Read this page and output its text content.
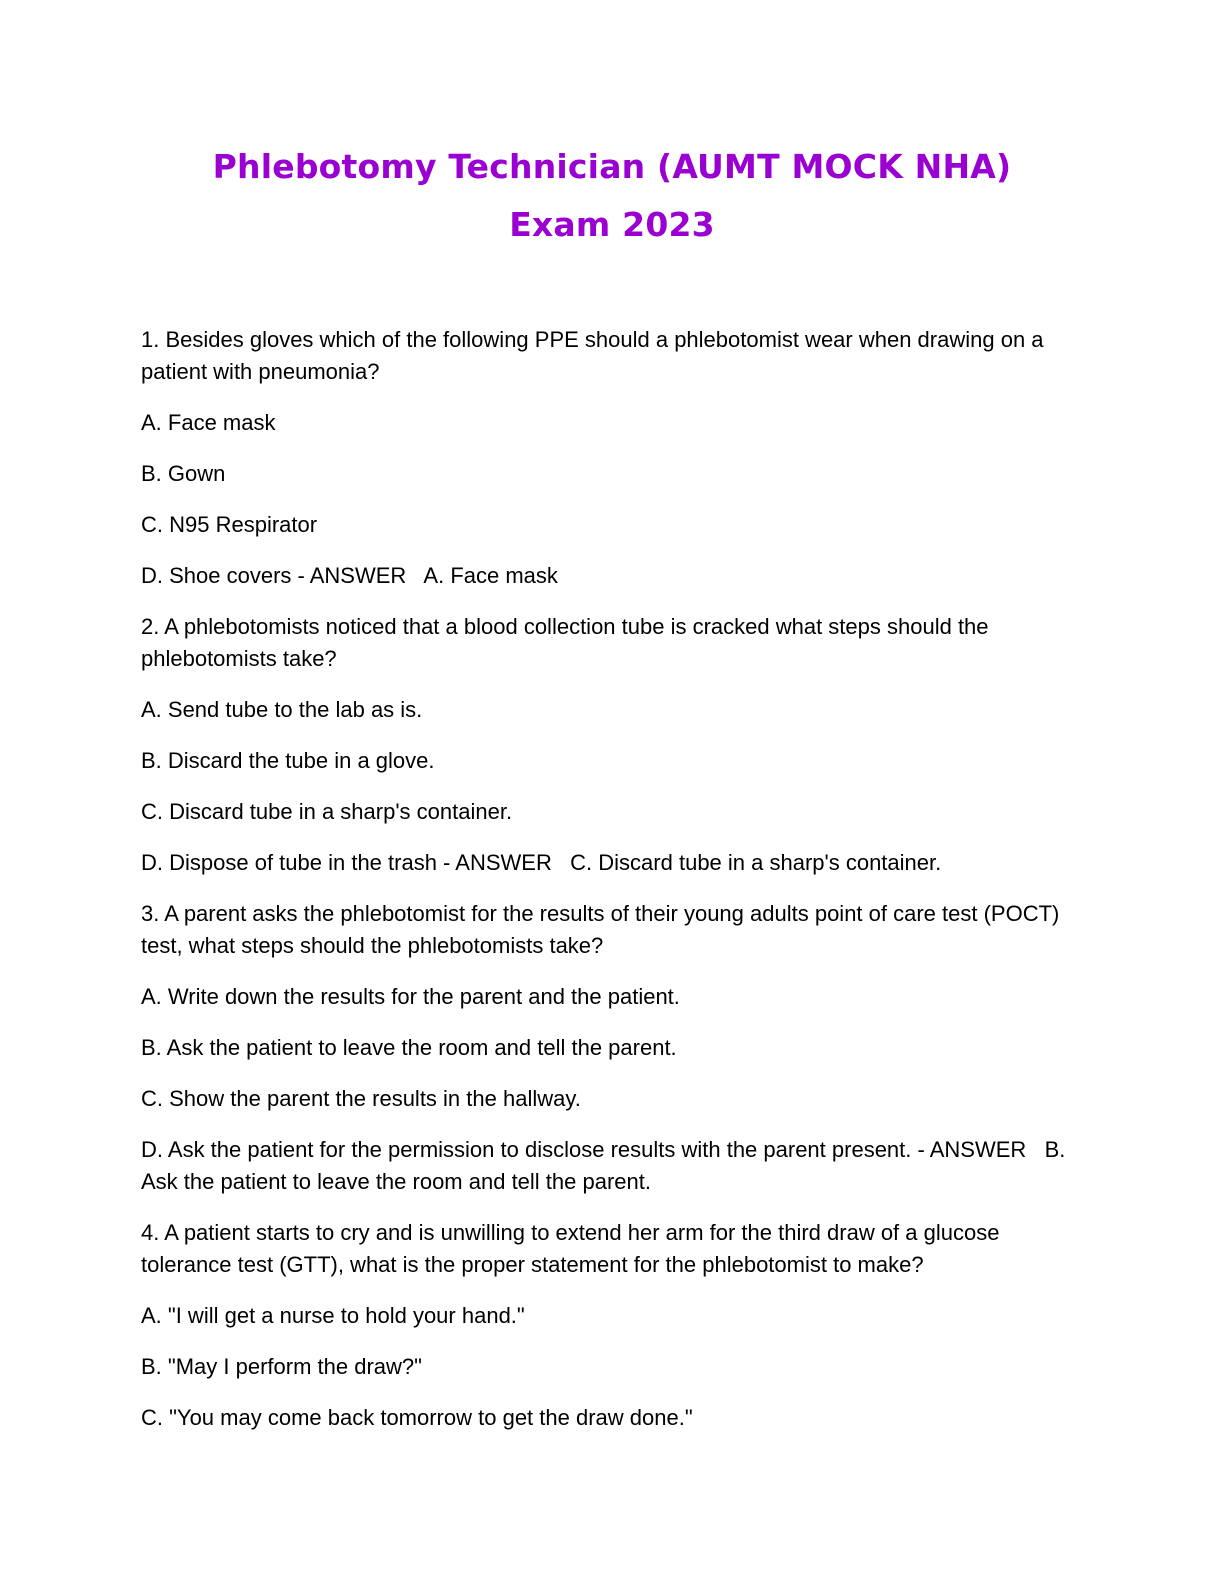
Phlebotomy Technician (AUMT MOCK NHA)
Exam 2023

1. Besides gloves which of the following PPE should a phlebotomist wear when drawing on a patient with pneumonia?

A. Face mask

B. Gown

C. N95 Respirator

D. Shoe covers - ANSWER   A. Face mask

2. A phlebotomists noticed that a blood collection tube is cracked what steps should the phlebotomists take?

A. Send tube to the lab as is.

B. Discard the tube in a glove.

C. Discard tube in a sharp's container.

D. Dispose of tube in the trash - ANSWER   C. Discard tube in a sharp's container.

3. A parent asks the phlebotomist for the results of their young adults point of care test (POCT) test, what steps should the phlebotomists take?

A. Write down the results for the parent and the patient.

B. Ask the patient to leave the room and tell the parent.

C. Show the parent the results in the hallway.

D. Ask the patient for the permission to disclose results with the parent present. - ANSWER   B. Ask the patient to leave the room and tell the parent.

4. A patient starts to cry and is unwilling to extend her arm for the third draw of a glucose tolerance test (GTT), what is the proper statement for the phlebotomist to make?

A. "I will get a nurse to hold your hand."

B. "May I perform the draw?"

C. "You may come back tomorrow to get the draw done."
